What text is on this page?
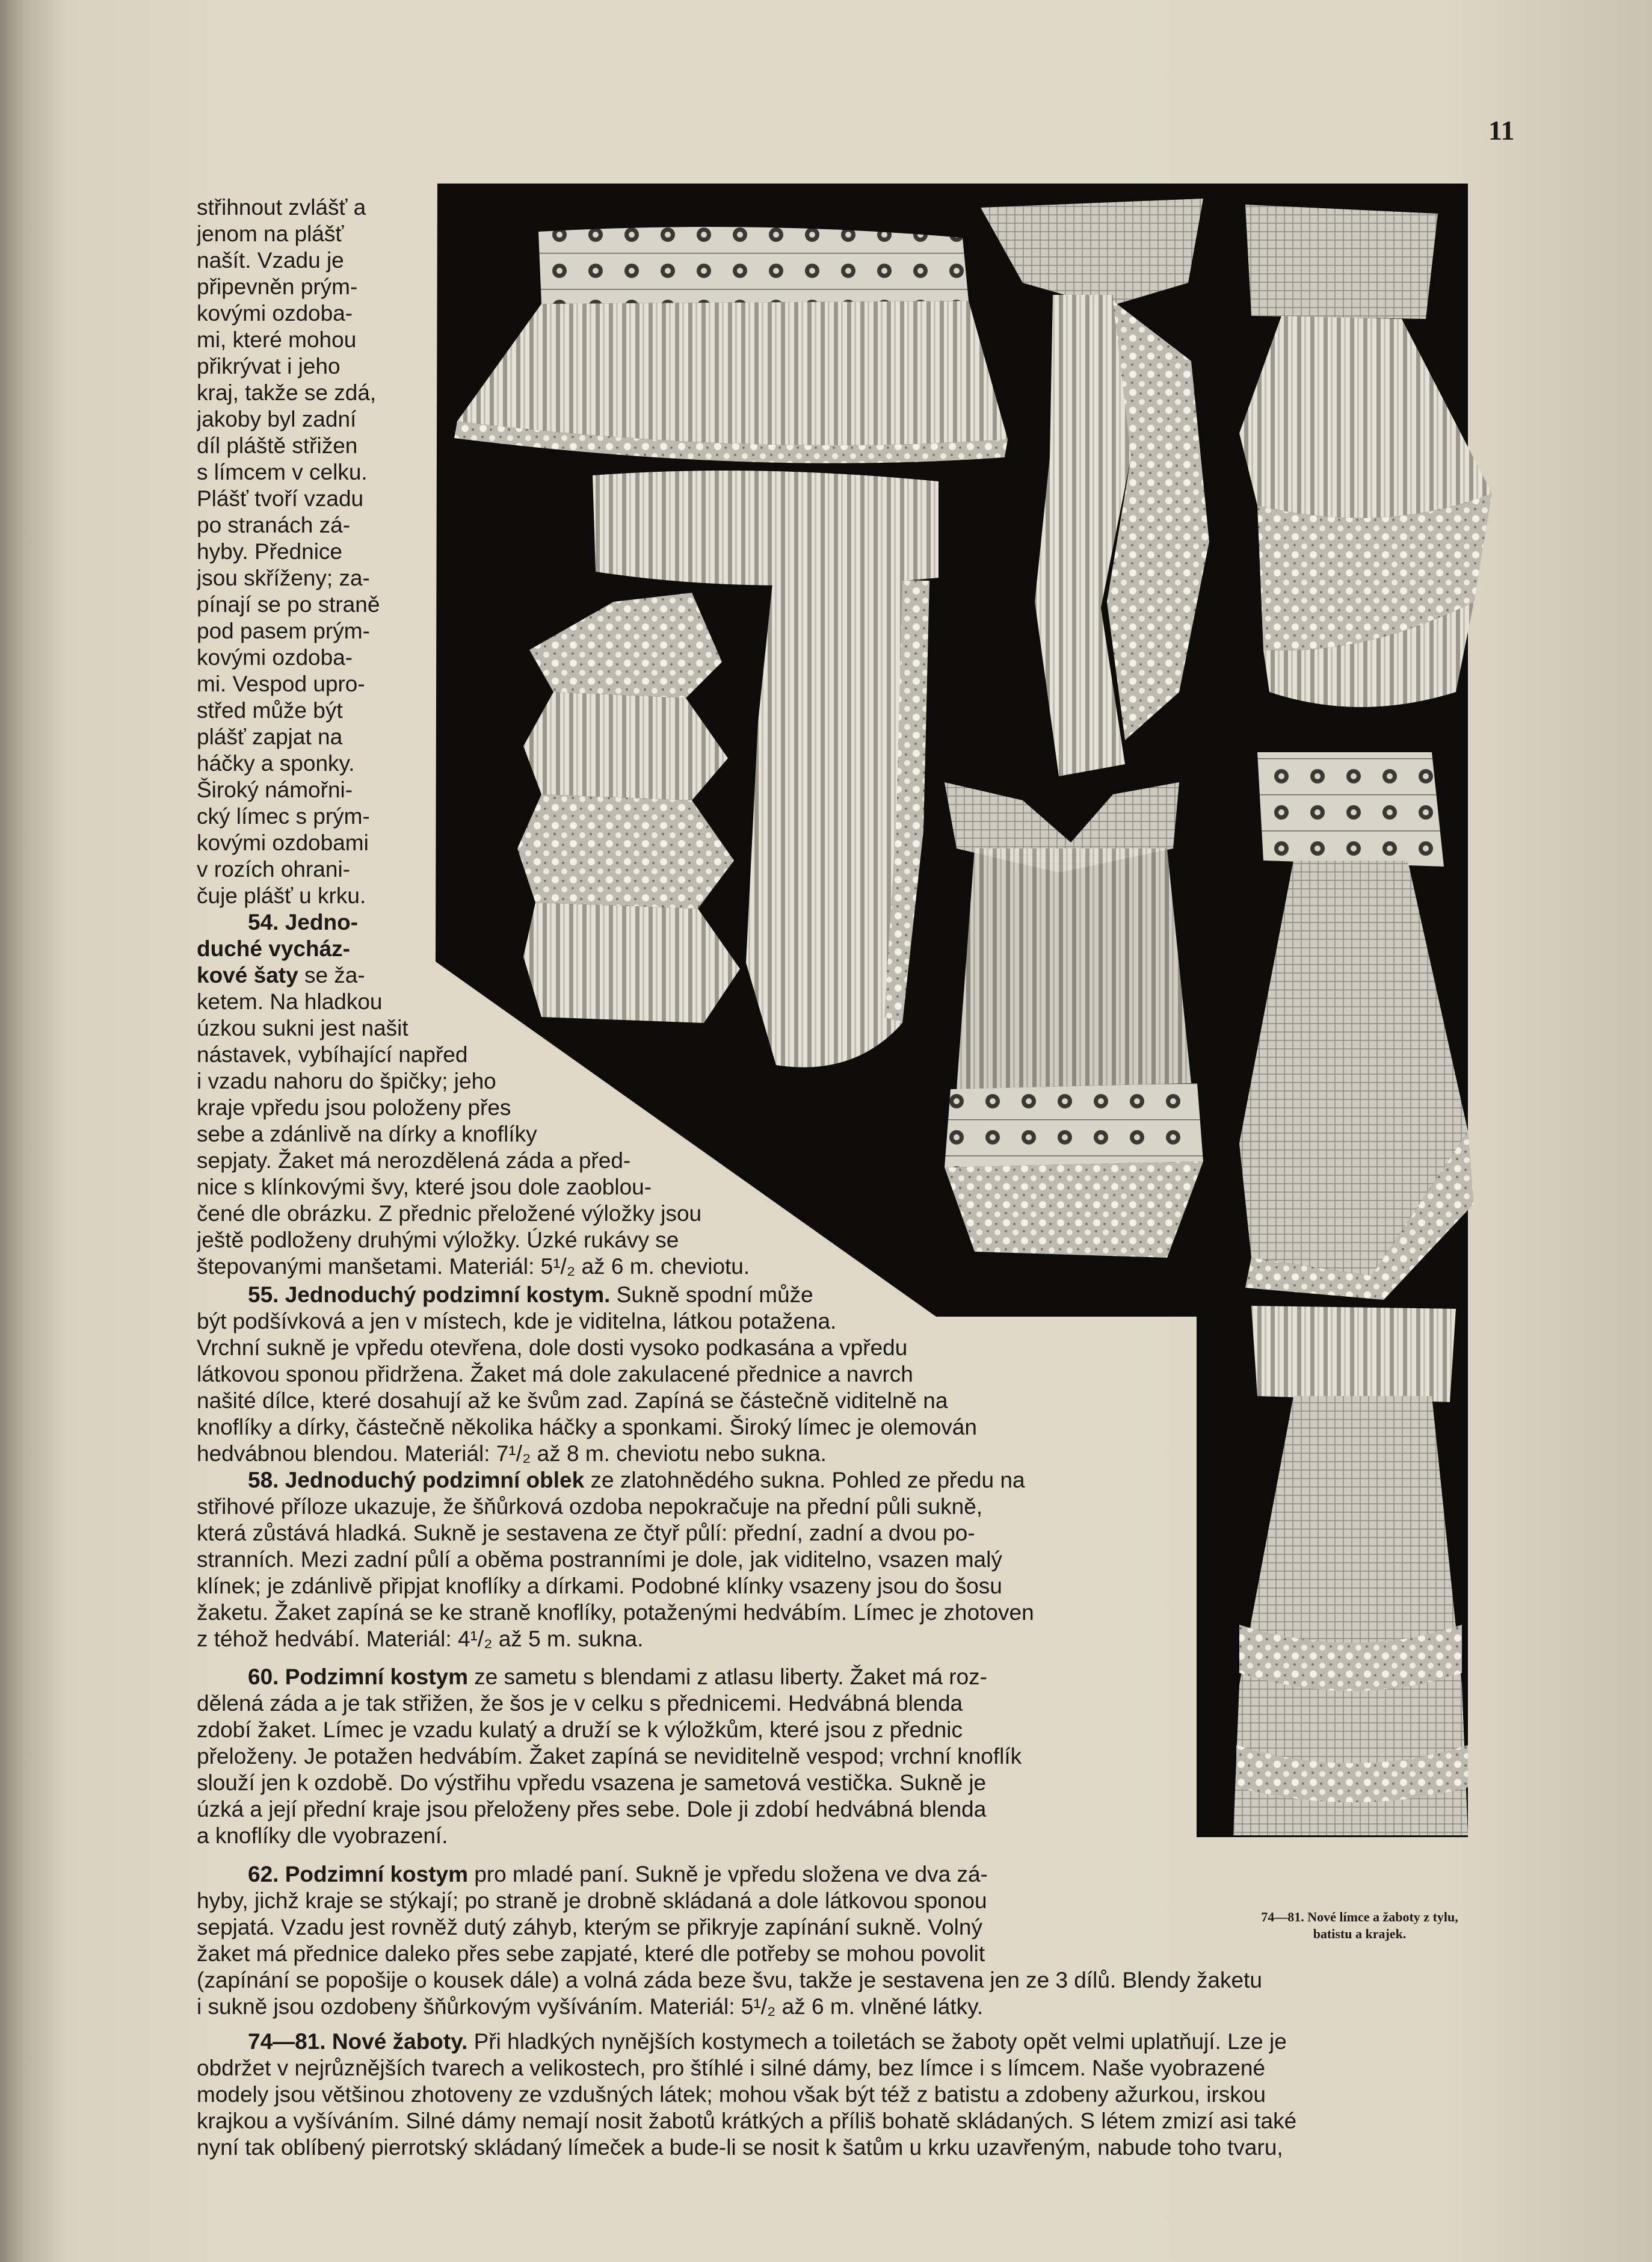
11

střihnout zvlášť a

jenom na plášť

našít. Vzadu je

připevněn prým-

kovými ozdoba-

mi, které mohou

přikrývat i jeho

kraj, takže se zdá,

jakoby byl zadní

díl pláště střižen

s límcem v celku.

Plášť tvoří vzadu

po stranách zá-

hyby. Přednice

jsou skříženy; za-

pínají se po straně

pod pasem prým-

kovými ozdoba-

mi. Vespod upro-

střed může být

plášť zapjat na

háčky a sponky.

Široký námořni-

cký límec s prým-

kovými ozdobami

v rozích ohrani-

čuje plášť u krku.

54. Jedno-

duché vycház-

kové šaty se ža-

ketem. Na hladkou

úzkou sukni jest našit

nástavek, vybíhající napřed

i vzadu nahoru do špičky; jeho

kraje vpředu jsou položeny přes

sebe a zdánlivě na dírky a knoflíky

sepjaty. Žaket má nerozdělená záda a před-

nice s klínkovými švy, které jsou dole zaoblou-

čené dle obrázku. Z přednic přeložené výložky jsou

ještě podloženy druhými výložky. Úzké rukávy se

štepovanými manšetami. Materiál: 5¹/₂ až 6 m. cheviotu.

55. Jednoduchý podzimní kostym. Sukně spodní může

být podšívková a jen v místech, kde je viditelna, látkou potažena.

Vrchní sukně je vpředu otevřena, dole dosti vysoko podkasána a vpředu

látkovou sponou přidržena. Žaket má dole zakulacené přednice a navrch

našité dílce, které dosahují až ke švům zad. Zapíná se částečně viditelně na

knoflíky a dírky, částečně několika háčky a sponkami. Široký límec je olemován

hedvábnou blendou. Materiál: 7¹/₂ až 8 m. cheviotu nebo sukna.

58. Jednoduchý podzimní oblek ze zlatohnědého sukna. Pohled ze předu na

střihové příloze ukazuje, že šňůrková ozdoba nepokračuje na přední půli sukně,

která zůstává hladká. Sukně je sestavena ze čtyř půlí: přední, zadní a dvou po-

stranních. Mezi zadní půlí a oběma postranními je dole, jak viditelno, vsazen malý

klínek; je zdánlivě připjat knoflíky a dírkami. Podobné klínky vsazeny jsou do šosu

žaketu. Žaket zapíná se ke straně knoflíky, potaženými hedvábím. Límec je zhotoven

z téhož hedvábí. Materiál: 4¹/₂ až 5 m. sukna.

60. Podzimní kostym ze sametu s blendami z atlasu liberty. Žaket má roz-

dělená záda a je tak střižen, že šos je v celku s přednicemi. Hedvábná blenda

zdobí žaket. Límec je vzadu kulatý a druží se k výložkům, které jsou z přednic

přeloženy. Je potažen hedvábím. Žaket zapíná se neviditelně vespod; vrchní knoflík

slouží jen k ozdobě. Do výstřihu vpředu vsazena je sametová vestička. Sukně je

úzká a její přední kraje jsou přeloženy přes sebe. Dole ji zdobí hedvábná blenda

a knoflíky dle vyobrazení.

62. Podzimní kostym pro mladé paní. Sukně je vpředu složena ve dva zá-

hyby, jichž kraje se stýkají; po straně je drobně skládaná a dole látkovou sponou

sepjatá. Vzadu jest rovněž dutý záhyb, kterým se přikryje zapínání sukně. Volný

žaket má přednice daleko přes sebe zapjaté, které dle potřeby se mohou povolit

(zapínání se popošije o kousek dále) a volná záda beze švu, takže je sestavena jen ze 3 dílů. Blendy žaketu

i sukně jsou ozdobeny šňůrkovým vyšíváním. Materiál: 5¹/₂ až 6 m. vlněné látky.

74—81. Nové límce a žaboty z tylu,
batistu a krajek.

74—81. Nové žaboty. Při hladkých nynějších kostymech a toiletách se žaboty opět velmi uplatňují. Lze je

obdržet v nejrůznějších tvarech a velikostech, pro štíhlé i silné dámy, bez límce i s límcem. Naše vyobrazené

modely jsou většinou zhotoveny ze vzdušných látek; mohou však být též z batistu a zdobeny ažurkou, irskou

krajkou a vyšíváním. Silné dámy nemají nosit žabotů krátkých a příliš bohatě skládaných. S létem zmizí asi také

nyní tak oblíbený pierrotský skládaný límeček a bude-li se nosit k šatům u krku uzavřeným, nabude toho tvaru,
